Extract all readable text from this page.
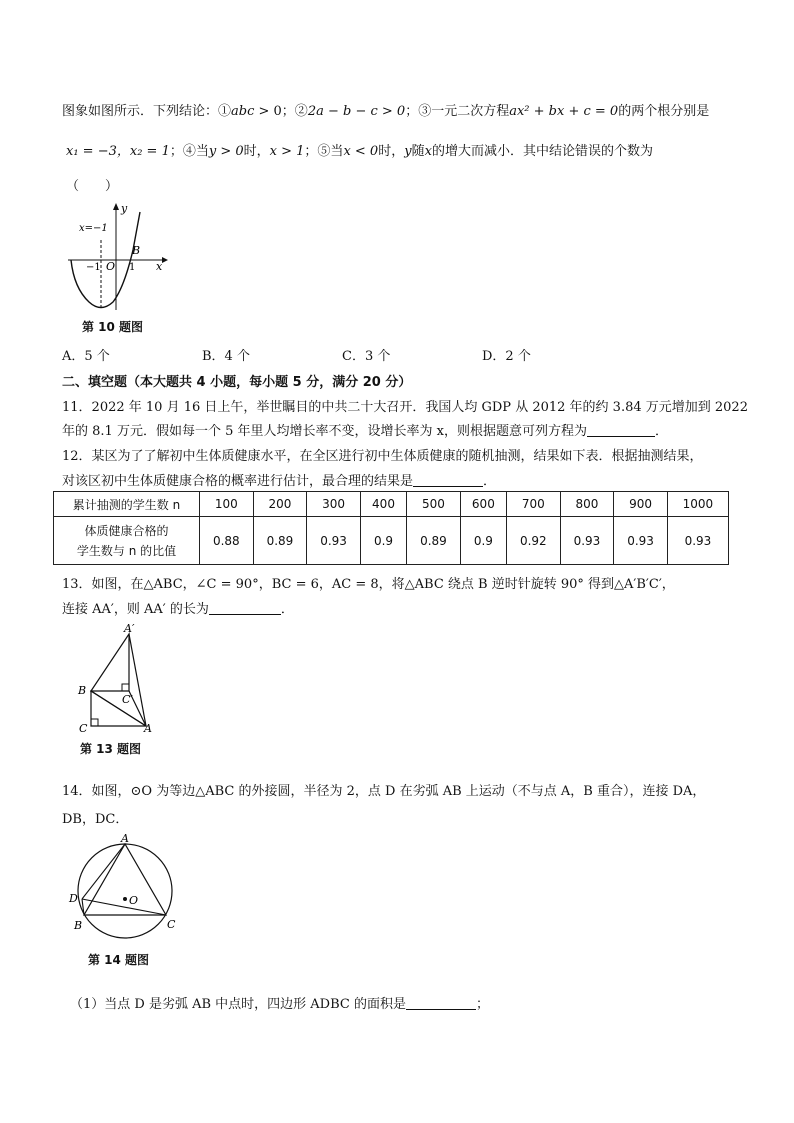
图象如图所示．下列结论：①abc > 0；②2a − b − c > 0；③一元二次方程ax² + bx + c = 0的两个根分别是
x₁ = −3，x₂ = 1；④当y > 0时，x > 1；⑤当x < 0时，y随x的增大而减小．其中结论错误的个数为
（　　）
x=−1
y
x
O
−1	1
B
第 10 题图
A．5 个	B．4 个	C．3 个	D．2 个
二、填空题（本大题共 4 小题，每小题 5 分，满分 20 分）
11．2022 年 10 月 16 日上午，举世瞩目的中共二十大召开．我国人均 GDP 从 2012 年的约 3.84 万元增加到 2022
年的 8.1 万元．假如每一个 5 年里人均增长率不变，设增长率为 x，则根据题意可列方程为	．
12．某区为了了解初中生体质健康水平，在全区进行初中生体质健康的随机抽测，结果如下表．根据抽测结果，
对该区初中生体质健康合格的概率进行估计，最合理的结果是	．
累计抽测的学生数 n	100	200	300	400	500	600	700	800	900	1000

体质健康合格的
学生数与 n 的比值	0.88	0.89	0.93	0.9	0.89	0.9	0.92	0.93	0.93	0.93
13．如图，在△ABC，∠C = 90°，BC = 6，AC = 8，将△ABC 绕点 B 逆时针旋转 90° 得到△A′B′C′，
连接 AA′，则 AA′ 的长为	．
A′
B
C′
C	A
第 13 题图
14．如图，⊙O 为等边△ABC 的外接圆，半径为 2，点 D 在劣弧 AB 上运动（不与点 A，B 重合），连接 DA，
DB，DC．
A
D	O
B	C
第 14 题图
（1）当点 D 是劣弧 AB 中点时，四边形 ADBC 的面积是	；
